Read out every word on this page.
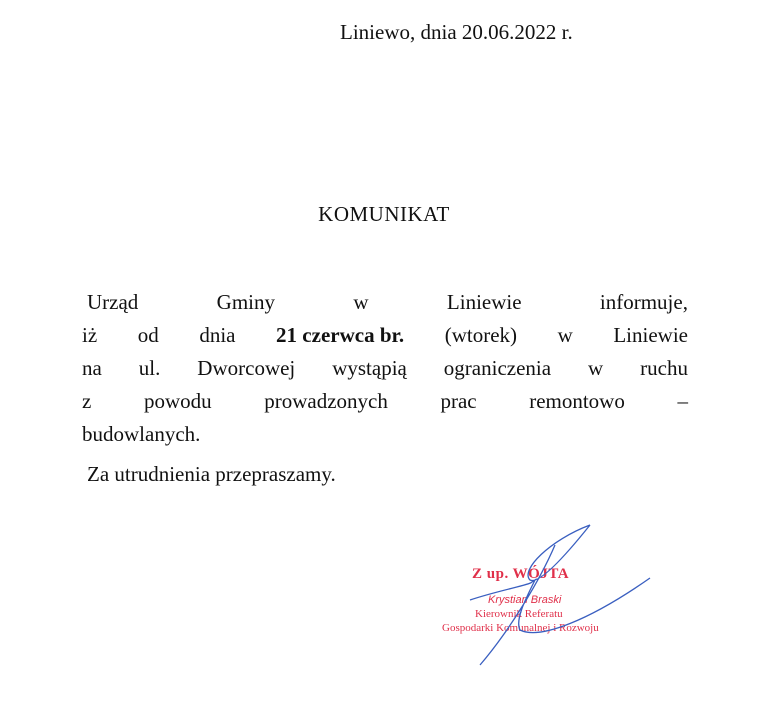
Liniewo, dnia 20.06.2022 r.
KOMUNIKAT
Urząd	Gminy	w	Liniewie	informuje,
iż od dnia 21 czerwca br. (wtorek) w Liniewie
na ul. Dworcowej wystąpią ograniczenia w ruchu
z	powodu	prowadzonych	prac	remontowo	–
budowlanych.
Za utrudnienia przepraszamy.
Z up. WÓJTA
Krystian Braski
Kierownik Referatu
Gospodarki Komunalnej i Rozwoju
